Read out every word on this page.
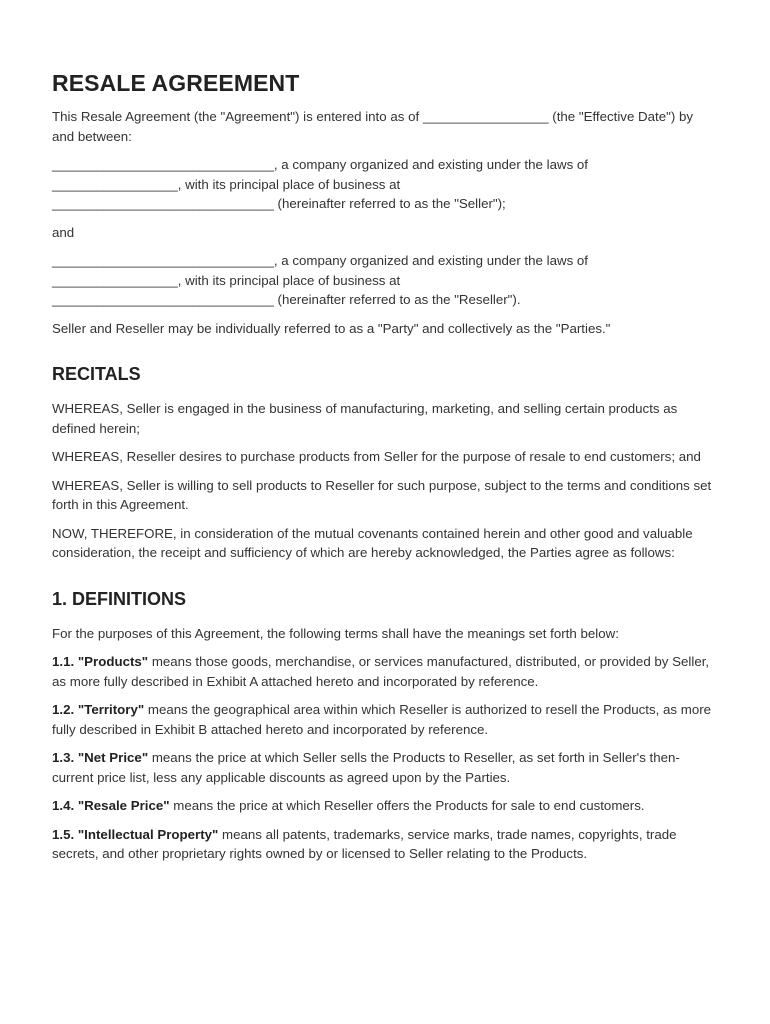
RESALE AGREEMENT

This Resale Agreement (the "Agreement") is entered into as of _________________ (the "Effective Date") by and between:

______________________________, a company organized and existing under the laws of

_________________, with its principal place of business at

______________________________ (hereinafter referred to as the "Seller");

and

______________________________, a company organized and existing under the laws of

_________________, with its principal place of business at

______________________________ (hereinafter referred to as the "Reseller").

Seller and Reseller may be individually referred to as a "Party" and collectively as the "Parties."

RECITALS

WHEREAS, Seller is engaged in the business of manufacturing, marketing, and selling certain products as defined herein;

WHEREAS, Reseller desires to purchase products from Seller for the purpose of resale to end customers; and

WHEREAS, Seller is willing to sell products to Reseller for such purpose, subject to the terms and conditions set forth in this Agreement.

NOW, THEREFORE, in consideration of the mutual covenants contained herein and other good and valuable consideration, the receipt and sufficiency of which are hereby acknowledged, the Parties agree as follows:

1. DEFINITIONS

For the purposes of this Agreement, the following terms shall have the meanings set forth below:

1.1. "Products" means those goods, merchandise, or services manufactured, distributed, or provided by Seller, as more fully described in Exhibit A attached hereto and incorporated by reference.

1.2. "Territory" means the geographical area within which Reseller is authorized to resell the Products, as more fully described in Exhibit B attached hereto and incorporated by reference.

1.3. "Net Price" means the price at which Seller sells the Products to Reseller, as set forth in Seller's then-current price list, less any applicable discounts as agreed upon by the Parties.

1.4. "Resale Price" means the price at which Reseller offers the Products for sale to end customers.

1.5. "Intellectual Property" means all patents, trademarks, service marks, trade names, copyrights, trade secrets, and other proprietary rights owned by or licensed to Seller relating to the Products.
